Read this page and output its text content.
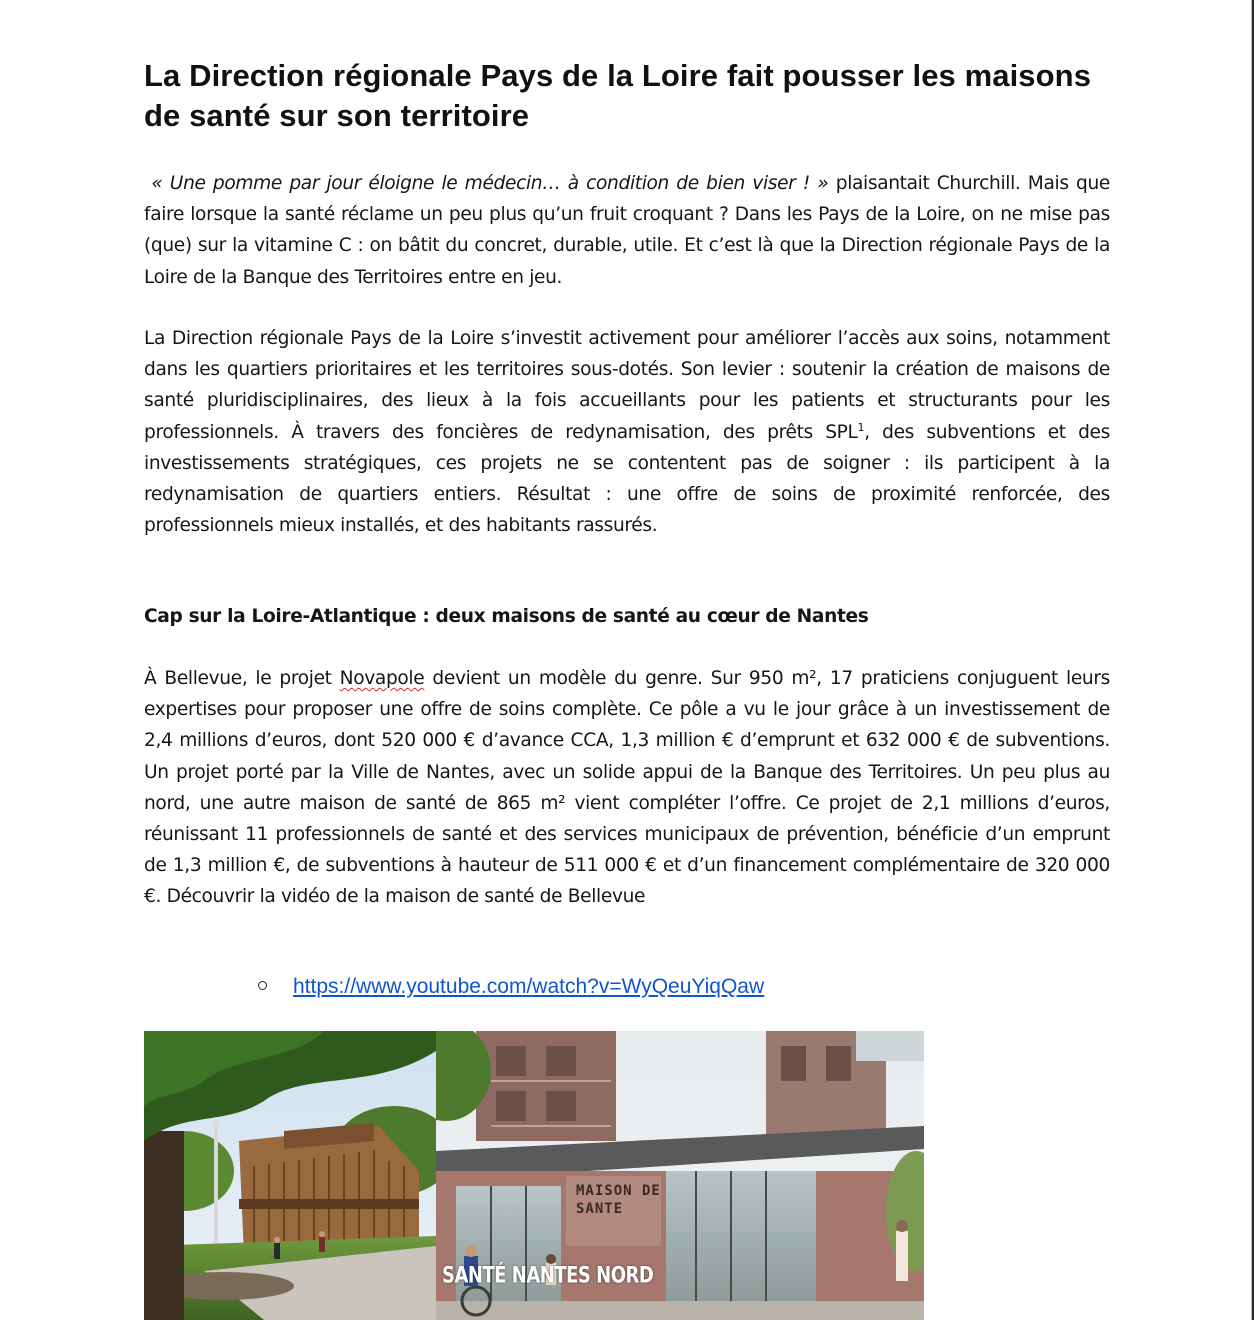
La Direction régionale Pays de la Loire fait pousser les maisons de santé sur son territoire

« Une pomme par jour éloigne le médecin… à condition de bien viser ! » plaisantait Churchill. Mais que faire lorsque la santé réclame un peu plus qu’un fruit croquant ? Dans les Pays de la Loire, on ne mise pas (que) sur la vitamine C : on bâtit du concret, durable, utile. Et c’est là que la Direction régionale Pays de la Loire de la Banque des Territoires entre en jeu.

La Direction régionale Pays de la Loire s’investit activement pour améliorer l’accès aux soins, notamment dans les quartiers prioritaires et les territoires sous-dotés. Son levier : soutenir la création de maisons de santé pluridisciplinaires, des lieux à la fois accueillants pour les patients et structurants pour les professionnels. À travers des foncières de redynamisation, des prêts SPL$^1$, des subventions et des investissements stratégiques, ces projets ne se contentent pas de soigner : ils participent à la redynamisation de quartiers entiers. Résultat : une offre de soins de proximité renforcée, des professionnels mieux installés, et des habitants rassurés.

Cap sur la Loire-Atlantique : deux maisons de santé au cœur de Nantes

À Bellevue, le projet Novapole devient un modèle du genre. Sur 950 m², 17 praticiens conjuguent leurs expertises pour proposer une offre de soins complète. Ce pôle a vu le jour grâce à un investissement de 2,4 millions d’euros, dont 520 000 € d’avance CCA, 1,3 million € d’emprunt et 632 000 € de subventions. Un projet porté par la Ville de Nantes, avec un solide appui de la Banque des Territoires. Un peu plus au nord, une autre maison de santé de 865 m² vient compléter l’offre. Ce projet de 2,1 millions d’euros, réunissant 11 professionnels de santé et des services municipaux de prévention, bénéficie d’un emprunt de 1,3 million €, de subventions à hauteur de 511 000 € et d’un financement complémentaire de 320 000 €. Découvrir la vidéo de la maison de santé de Bellevue

https://www.youtube.com/watch?v=WyQeuYiqQaw
MAISON DE
SANTE
SANTÉ NANTES NORD
